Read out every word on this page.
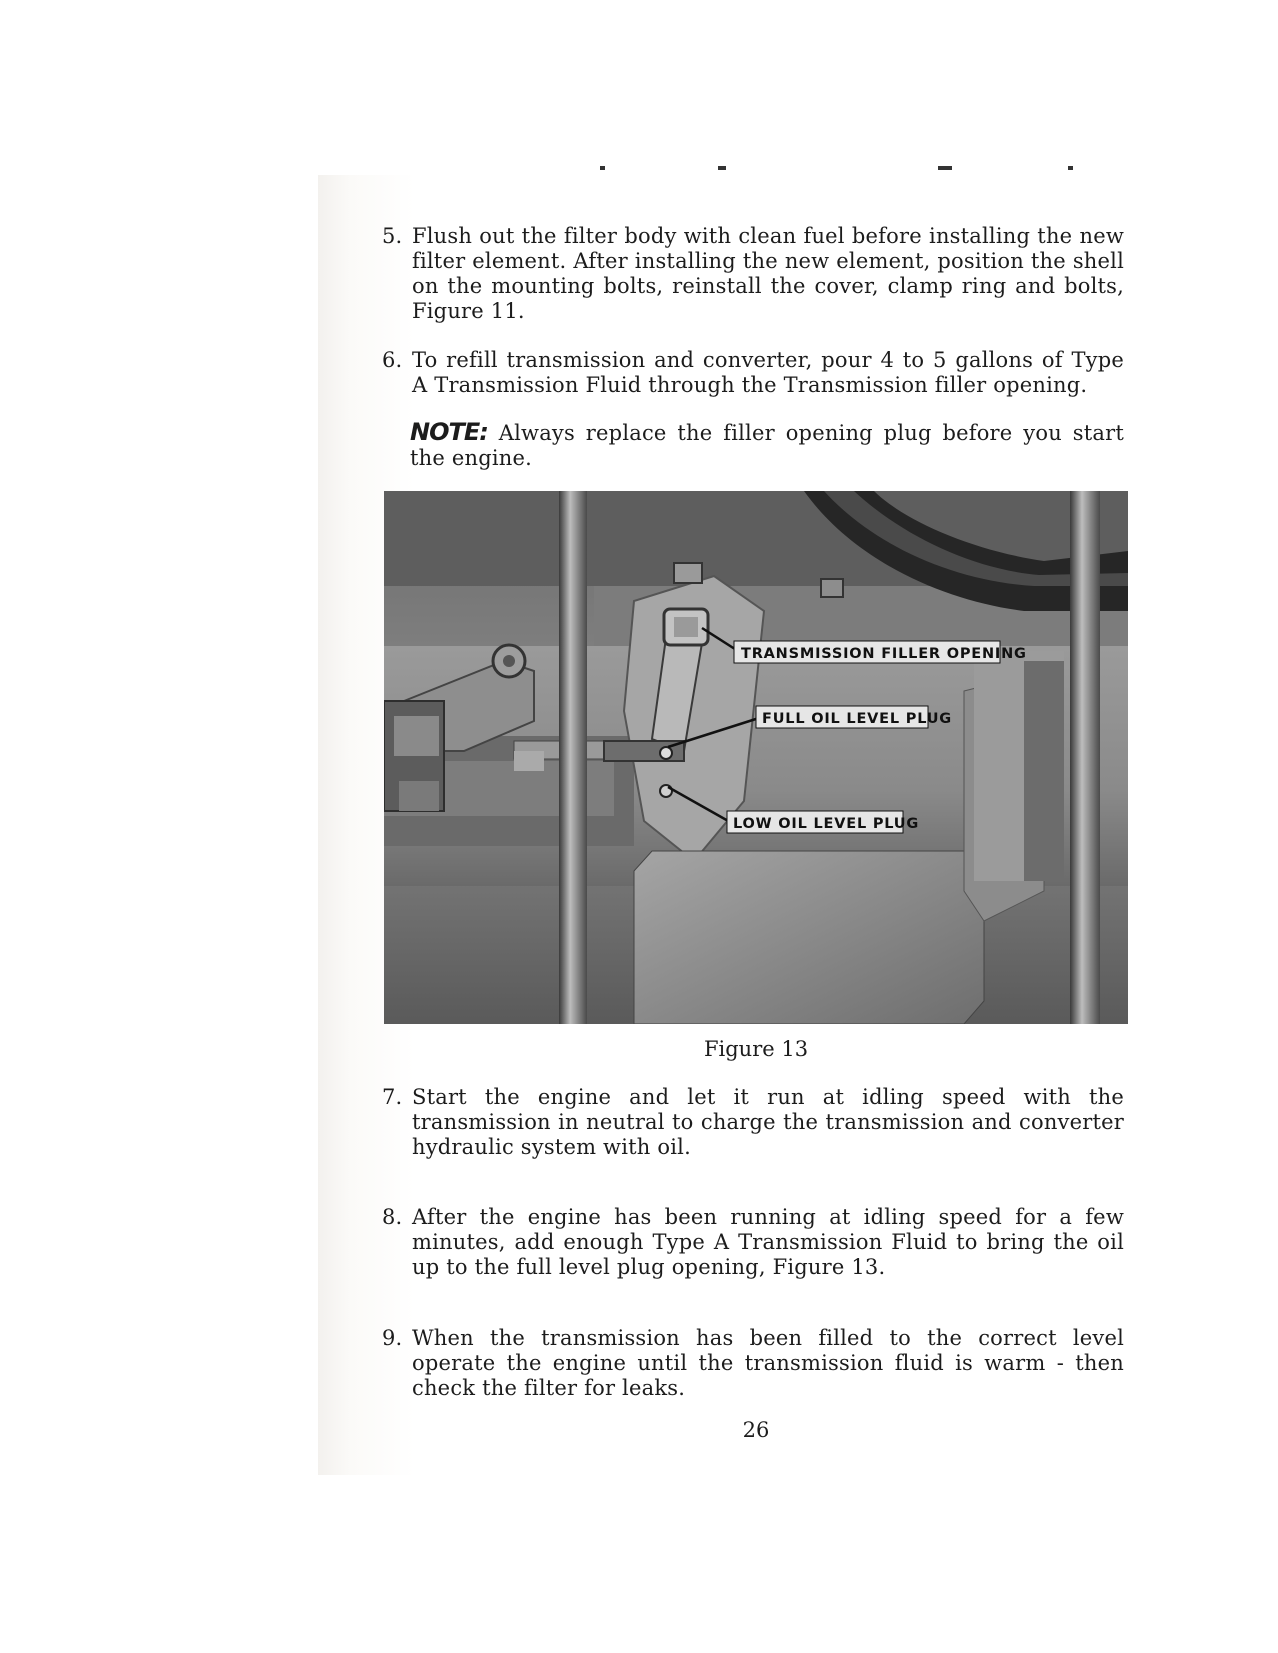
5. Flush out the filter body with clean fuel before installing the new filter element. After installing the new element, position the shell on the mounting bolts, reinstall the cover, clamp ring and bolts, Figure 11.
6. To refill transmission and converter, pour 4 to 5 gallons of Type A Transmission Fluid through the Transmission filler opening.
NOTE: Always replace the filler opening plug before you start the engine.
TRANSMISSION FILLER OPENING
FULL OIL LEVEL PLUG
LOW OIL LEVEL PLUG
Figure 13
7. Start the engine and let it run at idling speed with the transmission in neutral to charge the transmission and converter hydraulic system with oil.
8. After the engine has been running at idling speed for a few minutes, add enough Type A Transmission Fluid to bring the oil up to the full level plug opening, Figure 13.
9. When the transmission has been filled to the correct level operate the engine until the transmission fluid is warm - then check the filter for leaks.
26
